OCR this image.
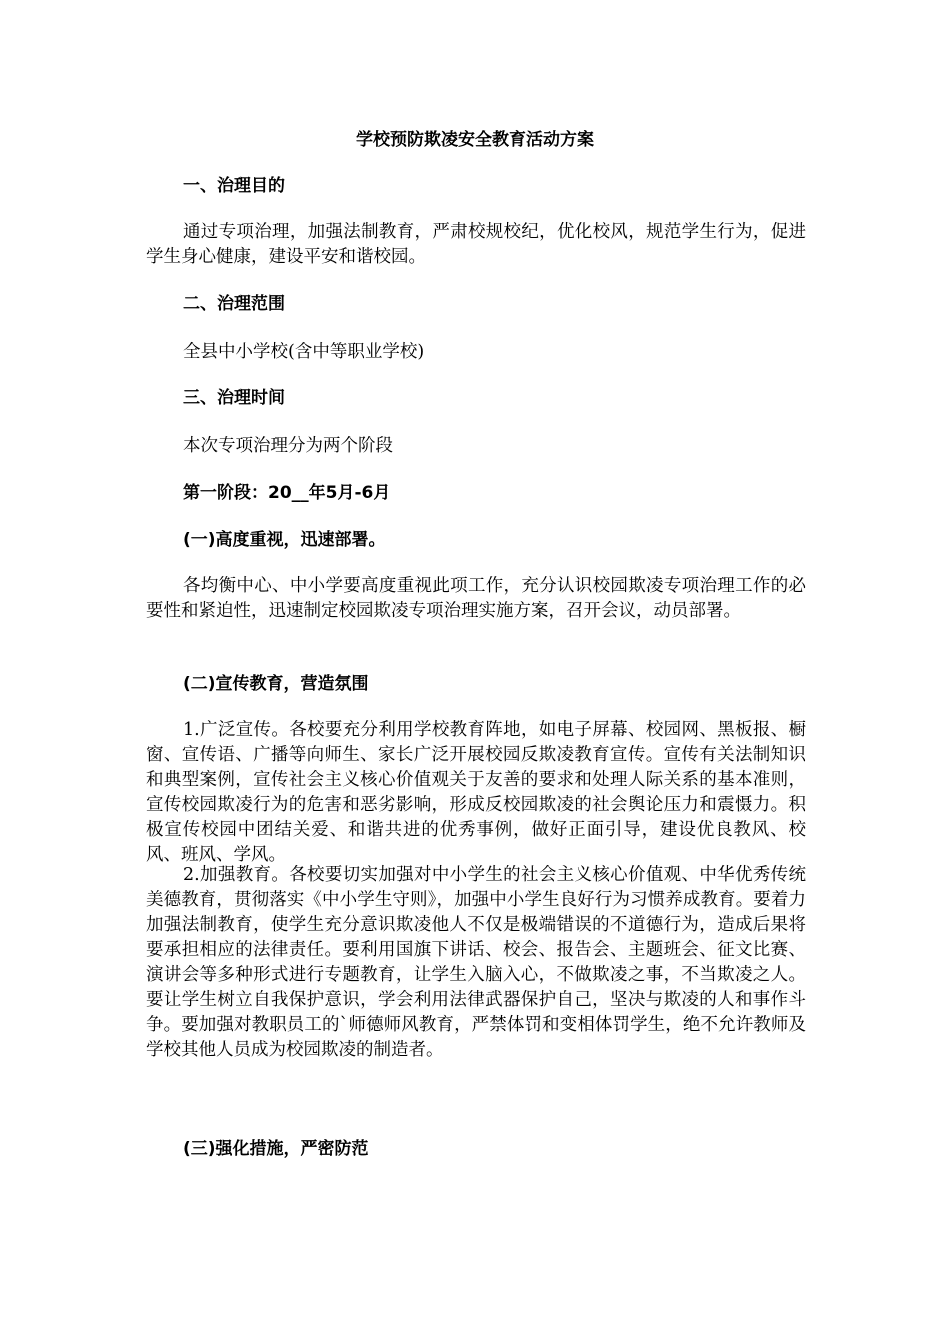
学校预防欺凌安全教育活动方案
一、治理目的
通过专项治理，加强法制教育，严肃校规校纪，优化校风，规范学生行为，促进学生身心健康，建设平安和谐校园。
二、治理范围
全县中小学校(含中等职业学校)
三、治理时间
本次专项治理分为两个阶段
第一阶段：20__年5月-6月
(一)高度重视，迅速部署。
各均衡中心、中小学要高度重视此项工作，充分认识校园欺凌专项治理工作的必要性和紧迫性，迅速制定校园欺凌专项治理实施方案，召开会议，动员部署。
(二)宣传教育，营造氛围
1.广泛宣传。各校要充分利用学校教育阵地，如电子屏幕、校园网、黑板报、橱窗、宣传语、广播等向师生、家长广泛开展校园反欺凌教育宣传。宣传有关法制知识和典型案例，宣传社会主义核心价值观关于友善的要求和处理人际关系的基本准则，宣传校园欺凌行为的危害和恶劣影响，形成反校园欺凌的社会舆论压力和震慑力。积极宣传校园中团结关爱、和谐共进的优秀事例，做好正面引导，建设优良教风、校风、班风、学风。
2.加强教育。各校要切实加强对中小学生的社会主义核心价值观、中华优秀传统美德教育，贯彻落实《中小学生守则》，加强中小学生良好行为习惯养成教育。要着力加强法制教育，使学生充分意识欺凌他人不仅是极端错误的不道德行为，造成后果将要承担相应的法律责任。要利用国旗下讲话、校会、报告会、主题班会、征文比赛、演讲会等多种形式进行专题教育，让学生入脑入心，不做欺凌之事，不当欺凌之人。要让学生树立自我保护意识，学会利用法律武器保护自己，坚决与欺凌的人和事作斗争。要加强对教职员工的`师德师风教育，严禁体罚和变相体罚学生，绝不允许教师及学校其他人员成为校园欺凌的制造者。
(三)强化措施，严密防范
